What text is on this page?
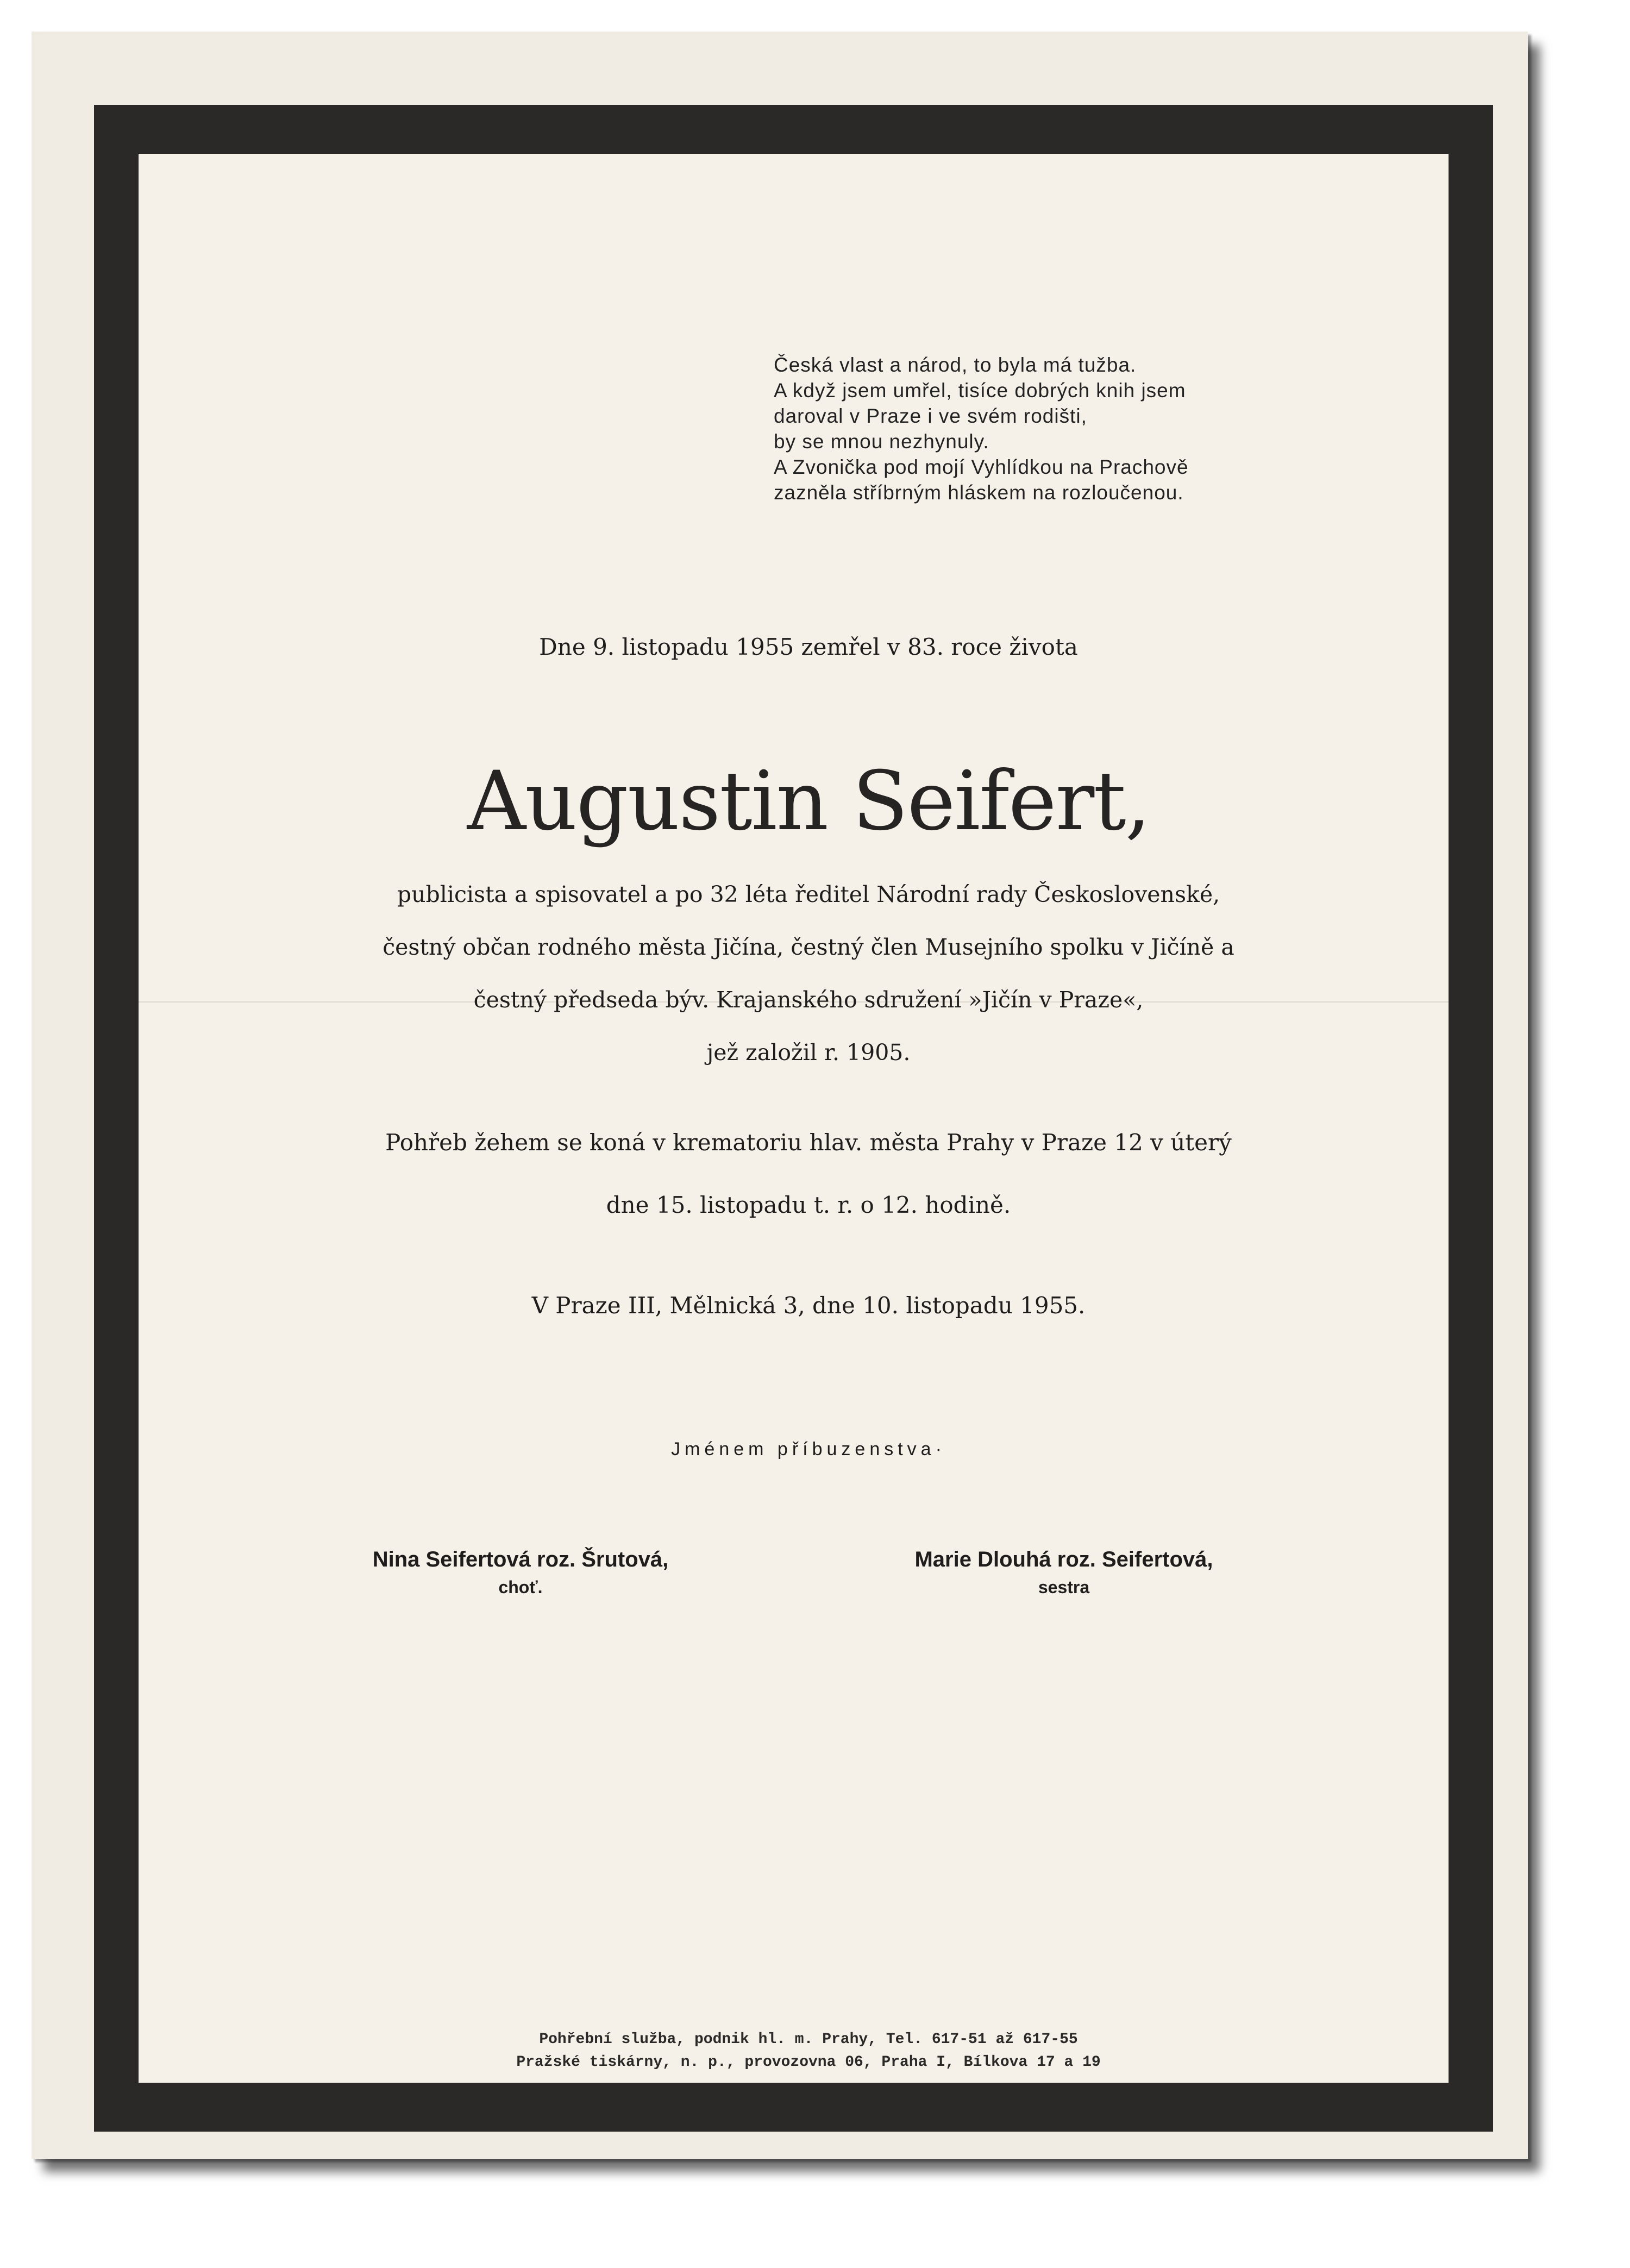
Česká vlast a národ, to byla má tužba.
A když jsem umřel, tisíce dobrých knih jsem
daroval v Praze i ve svém rodišti,
by se mnou nezhynuly.
A Zvonička pod mojí Vyhlídkou na Prachově
zazněla stříbrným hláskem na rozloučenou.
Dne 9. listopadu 1955 zemřel v 83. roce života
Augustin Seifert,
publicista a spisovatel a po 32 léta ředitel Národní rady Československé,
čestný občan rodného města Jičína, čestný člen Musejního spolku v Jičíně a
čestný předseda býv. Krajanského sdružení »Jičín v Praze«,
jež založil r. 1905.
Pohřeb žehem se koná v krematoriu hlav. města Prahy v Praze 12 v úterý
dne 15. listopadu t. r. o 12. hodině.
V Praze III, Mělnická 3, dne 10. listopadu 1955.
Jménem příbuzenstva·
Nina Seifertová roz. Šrutová,
choť.
Marie Dlouhá roz. Seifertová,
sestra
Pohřební služba, podnik hl. m. Prahy, Tel. 617-51 až 617-55
Pražské tiskárny, n. p., provozovna 06, Praha I, Bílkova 17 a 19
